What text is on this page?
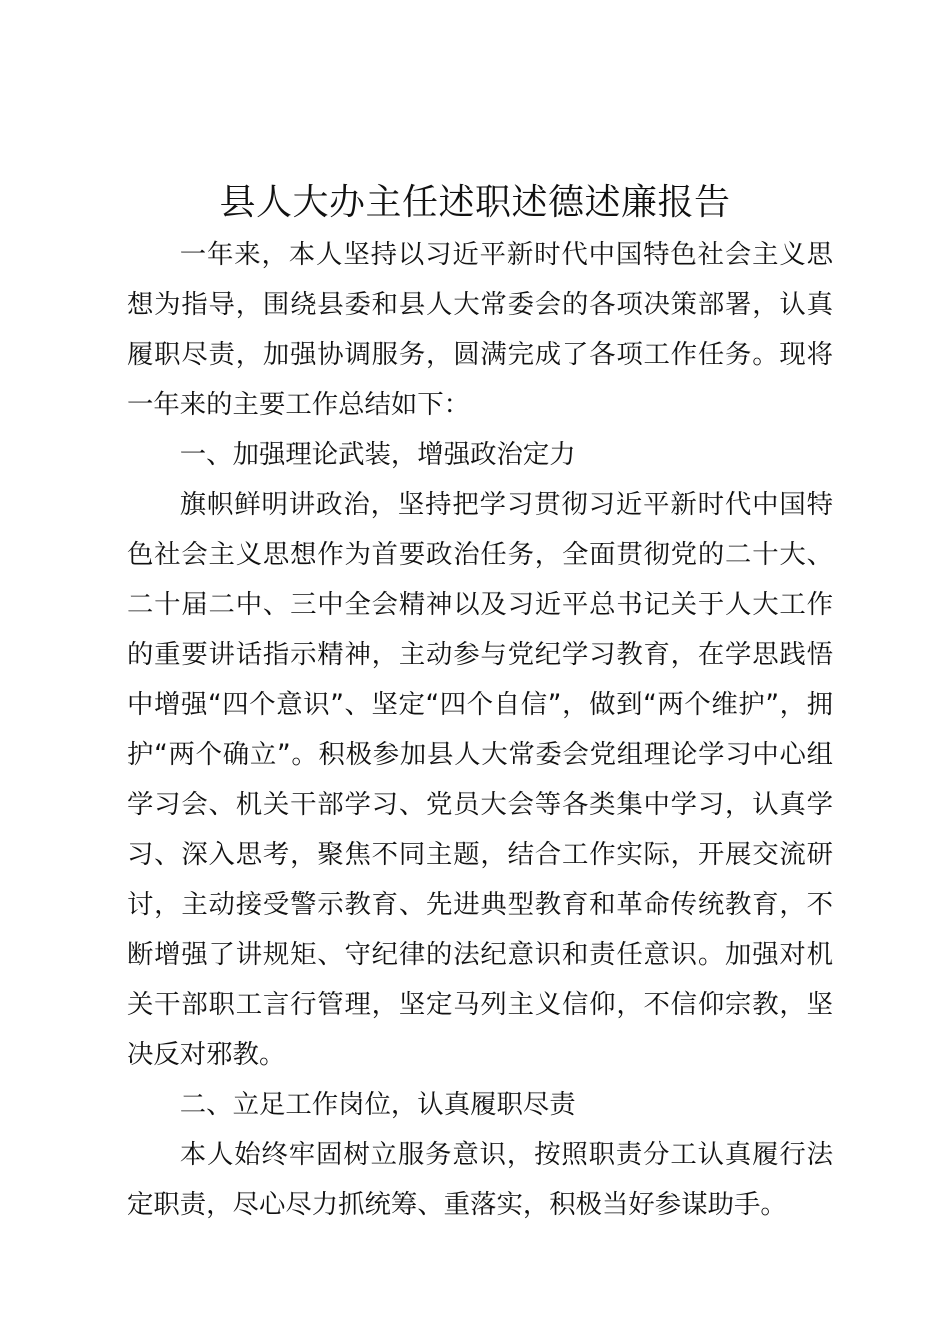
县人大办主任述职述德述廉报告

一年来，本人坚持以习近平新时代中国特色社会主义思想为指导，围绕县委和县人大常委会的各项决策部署，认真履职尽责，加强协调服务，圆满完成了各项工作任务。现将一年来的主要工作总结如下：

一、加强理论武装，增强政治定力

旗帜鲜明讲政治，坚持把学习贯彻习近平新时代中国特色社会主义思想作为首要政治任务，全面贯彻党的二十大、二十届二中、三中全会精神以及习近平总书记关于人大工作的重要讲话指示精神，主动参与党纪学习教育，在学思践悟中增强“四个意识”、坚定“四个自信”，做到“两个维护”，拥护“两个确立”。积极参加县人大常委会党组理论学习中心组学习会、机关干部学习、党员大会等各类集中学习，认真学习、深入思考，聚焦不同主题，结合工作实际，开展交流研讨，主动接受警示教育、先进典型教育和革命传统教育，不断增强了讲规矩、守纪律的法纪意识和责任意识。加强对机关干部职工言行管理，坚定马列主义信仰，不信仰宗教，坚决反对邪教。

二、立足工作岗位，认真履职尽责

本人始终牢固树立服务意识，按照职责分工认真履行法定职责，尽心尽力抓统筹、重落实，积极当好参谋助手。
